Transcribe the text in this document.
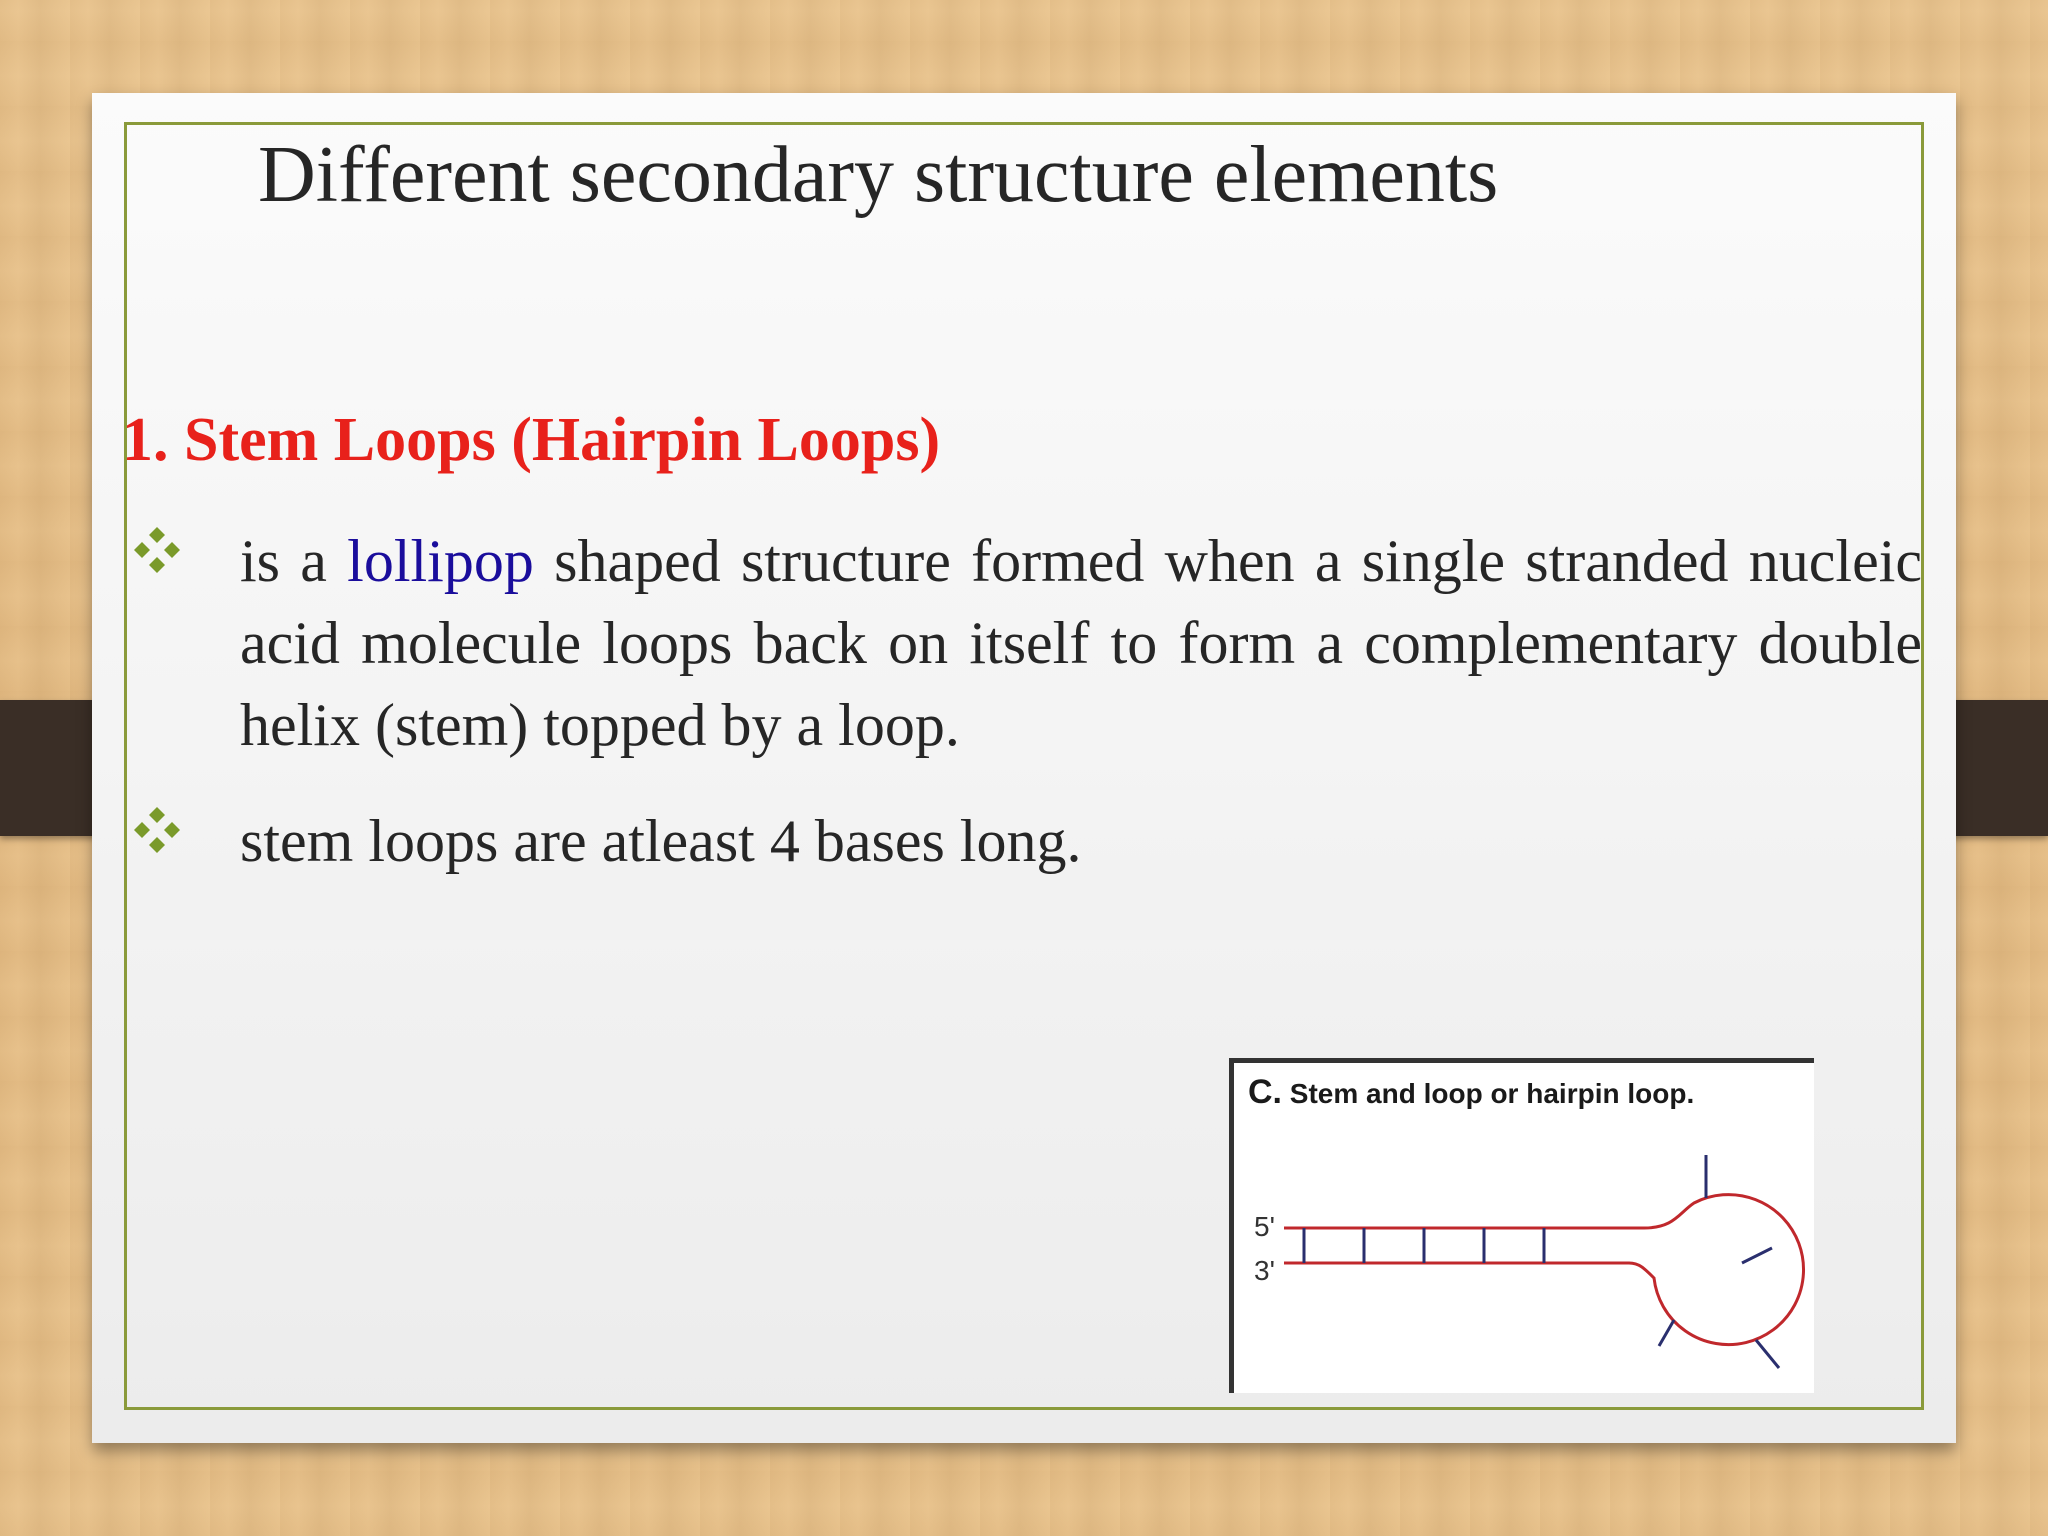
Different secondary structure elements
1. Stem Loops (Hairpin Loops)
is a lollipop shaped structure formed when a single stranded nucleic acid molecule loops back on itself to form a complementary double helix (stem) topped by a loop.
stem loops are atleast 4 bases long.
C. Stem and loop or hairpin loop.
5'
3'
